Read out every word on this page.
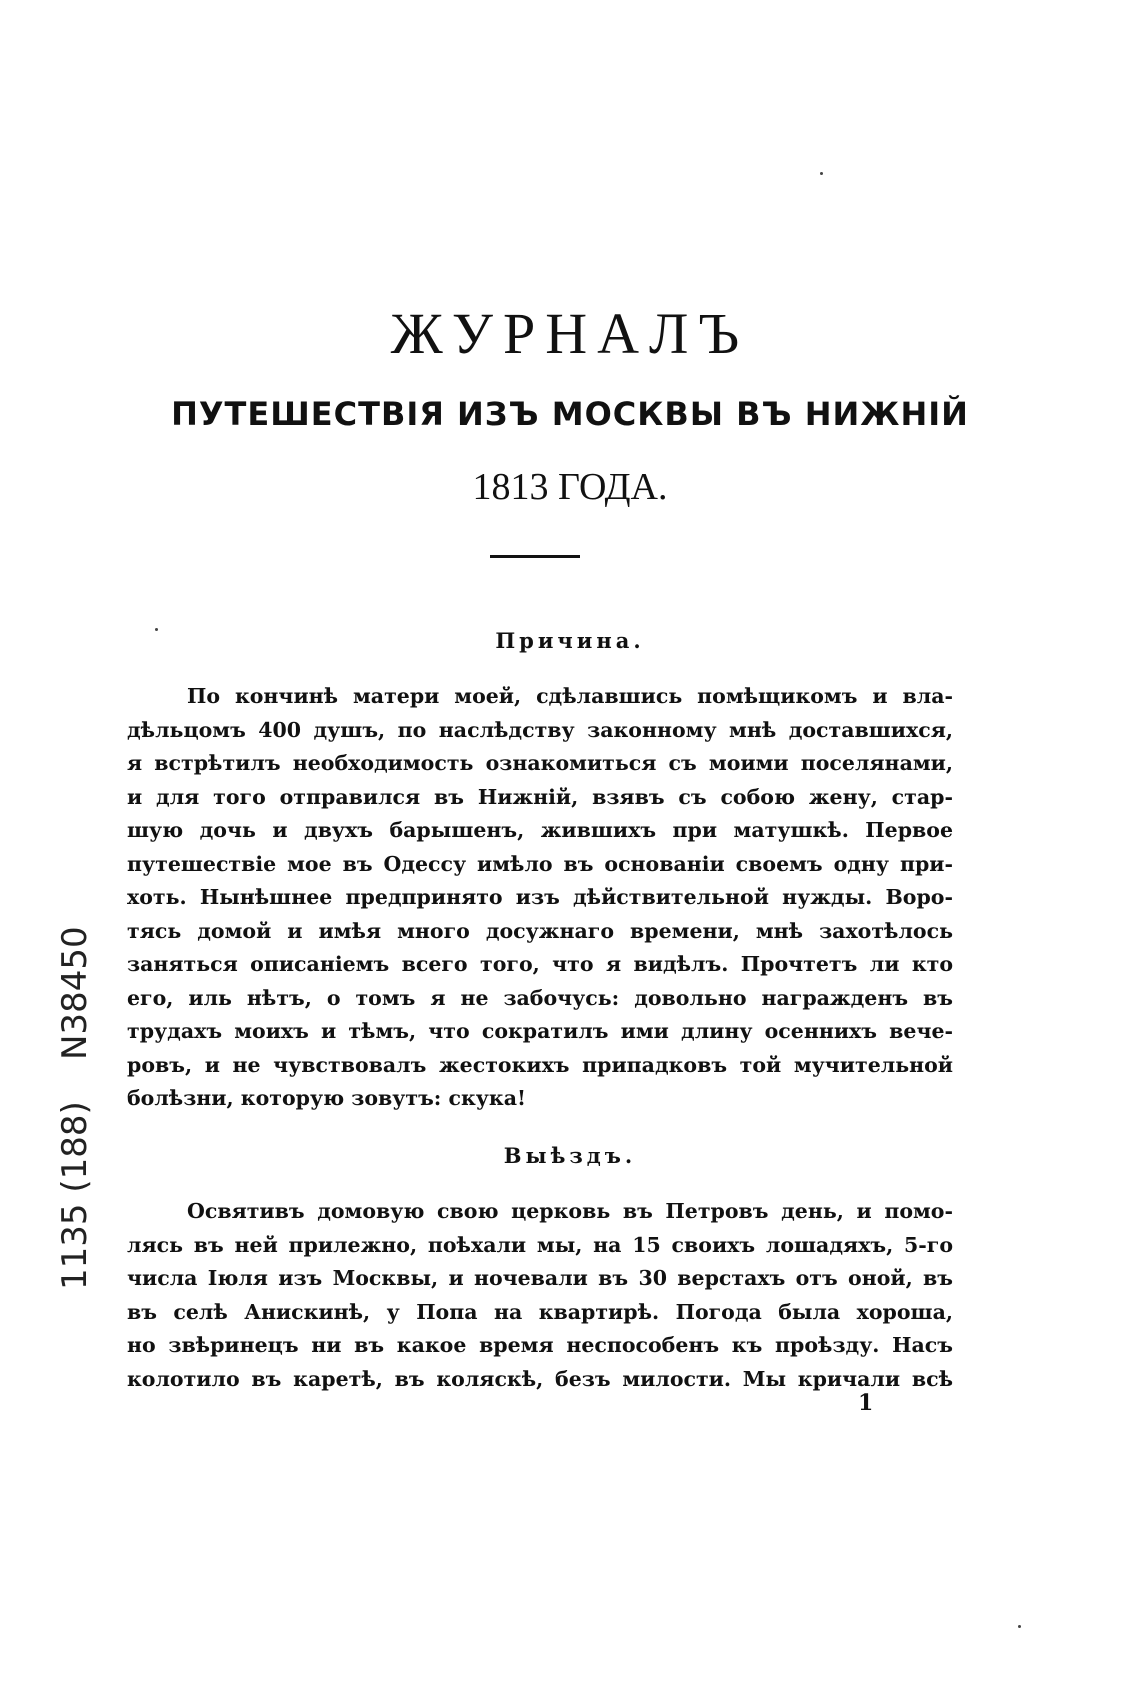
ЖУРНАЛЪ
ПУТЕШЕСТВІЯ ИЗЪ МОСКВЫ ВЪ НИЖНІЙ
1813 ГОДА.
Причина.
По кончинѣ матери моей, сдѣлавшись помѣщикомъ и вла-
дѣльцомъ 400 душъ, по наслѣдству законному мнѣ доставшихся,
я встрѣтилъ необходимость ознакомиться съ моими поселянами,
и для того отправился въ Нижній, взявъ съ собою жену, стар-
шую дочь и двухъ барышенъ, жившихъ при матушкѣ. Первое
путешествіе мое въ Одессу имѣло въ основаніи своемъ одну при-
хоть. Нынѣшнее предпринято изъ дѣйствительной нужды. Воро-
тясь домой и имѣя много досужнаго времени, мнѣ захотѣлось
заняться описаніемъ всего того, что я видѣлъ. Прочтетъ ли кто
его, иль нѣтъ, о томъ я не забочусь: довольно награжденъ въ
трудахъ моихъ и тѣмъ, что сократилъ ими длину осеннихъ вече-
ровъ, и не чувствовалъ жестокихъ припадковъ той мучительной
болѣзни, которую зовутъ: скука!
Выѣздъ.
Освятивъ домовую свою церковь въ Петровъ день, и помо-
лясь въ ней прилежно, поѣхали мы, на 15 своихъ лошадяхъ, 5-го
числа Іюля изъ Москвы, и ночевали въ 30 верстахъ отъ оной, въ
въ селѣ Анискинѣ, у Попа на квартирѣ. Погода была хороша,
но звѣринецъ ни въ какое время неспособенъ къ проѣзду. Насъ
колотило въ каретѣ, въ коляскѣ, безъ милости. Мы кричали всѣ
1
N38450
1135 (188)
